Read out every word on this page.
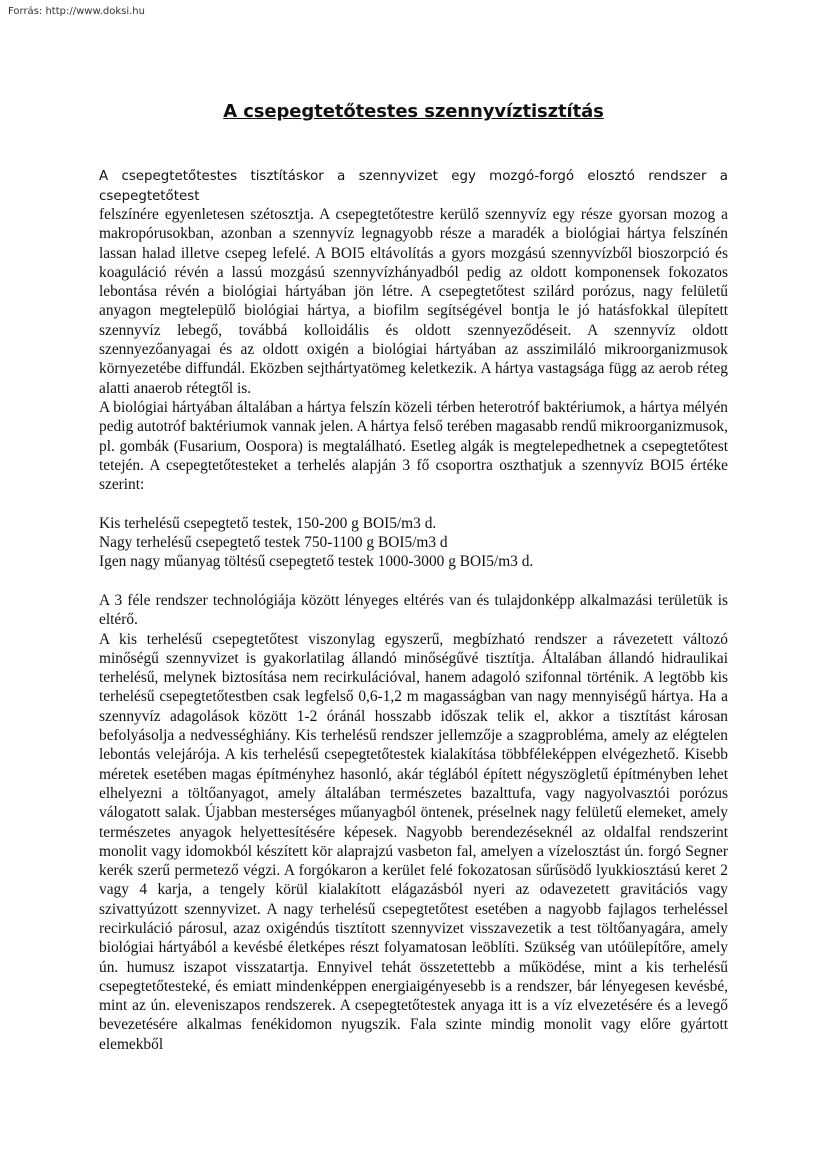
Forrás: http://www.doksi.hu
A csepegtetőtestes szennyvíztisztítás
A csepegtetőtestes tisztításkor a szennyvizet egy mozgó-forgó elosztó rendszer a csepegtetőtest

felszínére egyenletesen szétosztja. A csepegtetőtestre kerülő szennyvíz egy része gyorsan mozog a makropórusokban, azonban a szennyvíz legnagyobb része a maradék a biológiai hártya felszínén lassan halad illetve csepeg lefelé. A BOI5 eltávolítás a gyors mozgású szennyvízből bioszorpció és koaguláció révén a lassú mozgású szennyvízhányadból pedig az oldott komponensek fokozatos lebontása révén a biológiai hártyában jön létre. A csepegtetőtest szilárd porózus, nagy felületű anyagon megtelepülő biológiai hártya, a biofilm segítségével bontja le jó hatásfokkal ülepített szennyvíz lebegő, továbbá kolloidális és oldott szennyeződéseit. A szennyvíz oldott szennyezőanyagai és az oldott oxigén a biológiai hártyában az asszimiláló mikroorganizmusok környezetébe diffundál. Eközben sejthártyatömeg keletkezik. A hártya vastagsága függ az aerob réteg alatti anaerob rétegtől is.

A biológiai hártyában általában a hártya felszín közeli térben heterotróf baktériumok, a hártya mélyén pedig autotróf baktériumok vannak jelen. A hártya felső terében magasabb rendű mikroorganizmusok, pl. gombák (Fusarium, Oospora) is megtalálható. Esetleg algák is megtelepedhetnek a csepegtetőtest tetején. A csepegtetőtesteket a terhelés alapján 3 fő csoportra oszthatjuk a szennyvíz BOI5 értéke szerint:

Kis terhelésű csepegtető testek, 150-200 g BOI5/m3 d.

Nagy terhelésű csepegtető testek 750-1100 g BOI5/m3 d

Igen nagy műanyag töltésű csepegtető testek 1000-3000 g BOI5/m3 d.

A 3 féle rendszer technológiája között lényeges eltérés van és tulajdonképp alkalmazási területük is eltérő.

A kis terhelésű csepegtetőtest viszonylag egyszerű, megbízható rendszer a rávezetett változó minőségű szennyvizet is gyakorlatilag állandó minőségűvé tisztítja. Általában állandó hidraulikai terhelésű, melynek biztosítása nem recirkulációval, hanem adagoló szifonnal történik. A legtöbb kis terhelésű csepegtetőtestben csak legfelső 0,6-1,2 m magasságban van nagy mennyiségű hártya. Ha a szennyvíz adagolások között 1-2 óránál hosszabb időszak telik el, akkor a tisztítást károsan befolyásolja a nedvességhiány. Kis terhelésű rendszer jellemzője a szagprobléma, amely az elégtelen lebontás velejárója. A kis terhelésű csepegtetőtestek kialakítása többféleképpen elvégezhető. Kisebb méretek esetében magas építményhez hasonló, akár téglából épített négyszögletű építményben lehet elhelyezni a töltőanyagot, amely általában természetes bazalttufa, vagy nagyolvasztói porózus válogatott salak. Újabban mesterséges műanyagból öntenek, préselnek nagy felületű elemeket, amely természetes anyagok helyettesítésére képesek. Nagyobb berendezéseknél az oldalfal rendszerint monolit vagy idomokból készített kör alaprajzú vasbeton fal, amelyen a vízelosztást ún. forgó Segner kerék szerű permetező végzi. A forgókaron a kerület felé fokozatosan sűrűsödő lyukkiosztású keret 2 vagy 4 karja, a tengely körül kialakított elágazásból nyeri az odavezetett gravitációs vagy szivattyúzott szennyvizet. A nagy terhelésű csepegtetőtest esetében a nagyobb fajlagos terheléssel recirkuláció párosul, azaz oxigéndús tisztított szennyvizet visszavezetik a test töltőanyagára, amely biológiai hártyából a kevésbé életképes részt folyamatosan leöblíti. Szükség van utóülepítőre, amely ún. humusz iszapot visszatartja. Ennyivel tehát összetettebb a működése, mint a kis terhelésű csepegtetőtesteké, és emiatt mindenképpen energiaigényesebb is a rendszer, bár lényegesen kevésbé, mint az ún. eleveniszapos rendszerek. A csepegtetőtestek anyaga itt is a víz elvezetésére és a levegő bevezetésére alkalmas fenékidomon nyugszik. Fala szinte mindig monolit vagy előre gyártott elemekből
